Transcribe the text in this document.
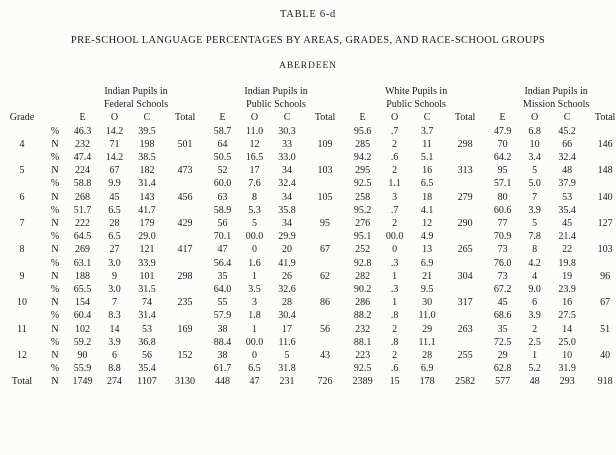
TABLE 6-d
PRE-SCHOOL LANGUAGE PERCENTAGES BY AREAS, GRADES, AND RACE-SCHOOL GROUPS
ABERDEEN

		Indian Pupils in
Federal Schools				Indian Pupils in
Public Schools				White Pupils in
Public Schools				Indian Pupils in
Mission Schools			

Grade		E	O	C	Total	E	O	C	Total	E	O	C	Total	E	O	C	Total
4	%	46.3	14.2	39.5		58.7	11.0	30.3		95.6	.7	3.7		47.9	6.8	45.2	
	N	232	71	198	501	64	12	33	109	285	2	11	298	70	10	66	146
5	%	47.4	14.2	38.5		50.5	16.5	33.0		94.2	.6	5.1		64.2	3.4	32.4	
	N	224	67	182	473	52	17	34	103	295	2	16	313	95	5	48	148
6	%	58.8	9.9	31.4		60.0	7.6	32.4		92.5	1.1	6.5		57.1	5.0	37.9	
	N	268	45	143	456	63	8	34	105	258	3	18	279	80	7	53	140
7	%	51.7	6.5	41.7		58.9	5.3	35.8		95.2	.7	4.1		60.6	3.9	35.4	
	N	222	28	179	429	56	5	34	95	276	2	12	290	77	5	45	127
8	%	64.5	6.5	29.0		70.1	00.0	29.9		95.1	00.0	4.9		70.9	7.8	21.4	
	N	269	27	121	417	47	0	20	67	252	0	13	265	73	8	22	103
9	%	63.1	3.0	33.9		56.4	1.6	41.9		92.8	.3	6.9		76.0	4.2	19.8	
	N	188	9	101	298	35	1	26	62	282	1	21	304	73	4	19	96
10	%	65.5	3.0	31.5		64.0	3.5	32.6		90.2	.3	9.5		67.2	9.0	23.9	
	N	154	7	74	235	55	3	28	86	286	1	30	317	45	6	16	67
11	%	60.4	8.3	31.4		57.9	1.8	30.4		88.2	.8	11.0		68.6	3.9	27.5	
	N	102	14	53	169	38	1	17	56	232	2	29	263	35	2	14	51
12	%	59.2	3.9	36.8		88.4	00.0	11.6		88.1	.8	11.1		72.5	2.5	25.0	
	N	90	6	56	152	38	0	5	43	223	2	28	255	29	1	10	40
Total	%	55.9	8.8	35.4		61.7	6.5	31.8		92.5	.6	6.9		62.8	5.2	31.9	
	N	1749	274	1107	3130	448	47	231	726	2389	15	178	2582	577	48	293	918
